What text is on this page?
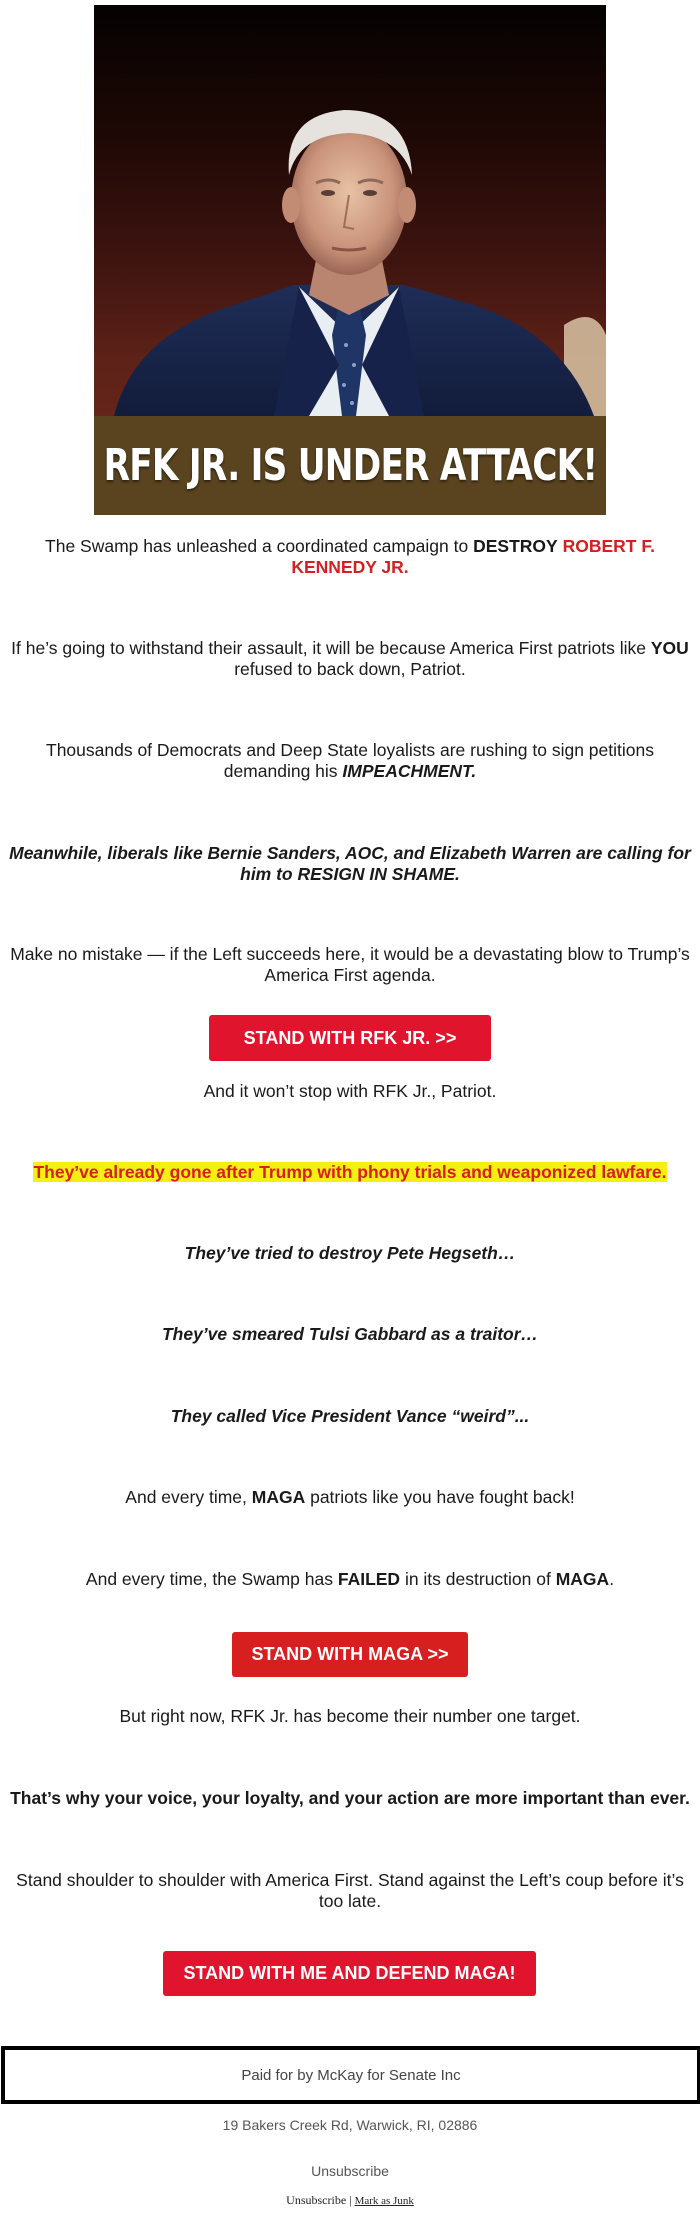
RFK JR. IS UNDER ATTACK!

The Swamp has unleashed a coordinated campaign to DESTROY ROBERT F. KENNEDY JR.

If he’s going to withstand their assault, it will be because America First patriots like YOU refused to back down, Patriot.

Thousands of Democrats and Deep State loyalists are rushing to sign petitions demanding his IMPEACHMENT.

Meanwhile, liberals like Bernie Sanders, AOC, and Elizabeth Warren are calling for him to RESIGN IN SHAME.

Make no mistake — if the Left succeeds here, it would be a devastating blow to Trump’s America First agenda.

STAND WITH RFK JR. >>

And it won’t stop with RFK Jr., Patriot.

They’ve already gone after Trump with phony trials and weaponized lawfare.

They’ve tried to destroy Pete Hegseth…

They’ve smeared Tulsi Gabbard as a traitor…

They called Vice President Vance “weird”...

And every time, MAGA patriots like you have fought back!

And every time, the Swamp has FAILED in its destruction of MAGA.

STAND WITH MAGA >>

But right now, RFK Jr. has become their number one target.

That’s why your voice, your loyalty, and your action are more important than ever.

Stand shoulder to shoulder with America First. Stand against the Left’s coup before it’s too late.

STAND WITH ME AND DEFEND MAGA!
Paid for by McKay for Senate Inc
19 Bakers Creek Rd, Warwick, RI, 02886
Unsubscribe
Unsubscribe | Mark as Junk
